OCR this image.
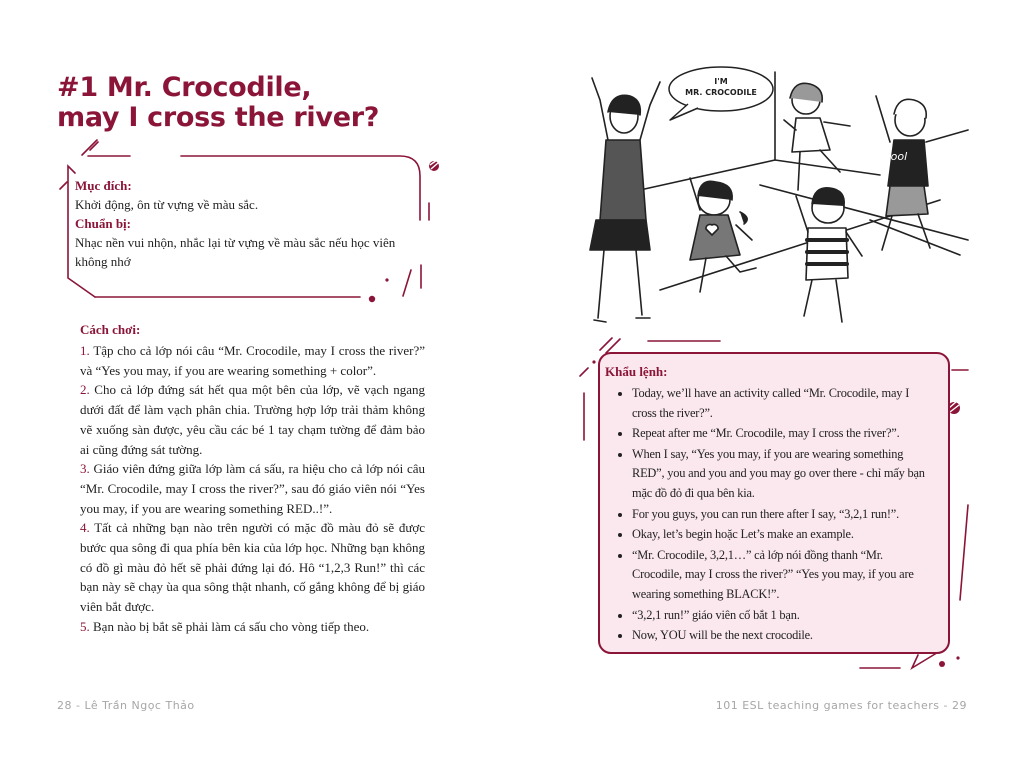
Cool
I'M
MR. CROCODILE
#1 Mr. Crocodile,
may I cross the river?
Mục đích:
Khởi động, ôn từ vựng về màu sắc.
Chuẩn bị:
Nhạc nền vui nhộn, nhắc lại từ vựng về màu sắc nếu học viên không nhớ
Cách chơi:
1. Tập cho cả lớp nói câu “Mr. Crocodile, may I cross the river?” và “Yes you may, if you are wearing something + color”.
2. Cho cả lớp đứng sát hết qua một bên của lớp, vẽ vạch ngang dưới đất để làm vạch phân chia. Trường hợp lớp trải thảm không vẽ xuống sàn được, yêu cầu các bé 1 tay chạm tường để đảm bảo ai cũng đứng sát tường.
3. Giáo viên đứng giữa lớp làm cá sấu, ra hiệu cho cả lớp nói câu “Mr. Crocodile, may I cross the river?”, sau đó giáo viên nói “Yes you may, if you are wearing something RED..!”.
4. Tất cả những bạn nào trên người có mặc đồ màu đỏ sẽ được bước qua sông đi qua phía bên kia của lớp học. Những bạn không có đồ gì màu đỏ hết sẽ phải đứng lại đó. Hô “1,2,3 Run!” thì các bạn này sẽ chạy ùa qua sông thật nhanh, cố gắng không để bị giáo viên bắt được.
5. Bạn nào bị bắt sẽ phải làm cá sấu cho vòng tiếp theo.
Khẩu lệnh:
• Today, we’ll have an activity called “Mr. Crocodile, may I cross the river?”.
• Repeat after me “Mr. Crocodile, may I cross the river?”.
• When I say, “Yes you may, if you are wearing something RED”, you and you and you may go over there - chỉ mấy bạn mặc đồ đỏ đi qua bên kia.
• For you guys, you can run there after I say, “3,2,1 run!”.
• Okay, let’s begin hoặc Let’s make an example.
• “Mr. Crocodile, 3,2,1…” cả lớp nói đồng thanh “Mr. Crocodile, may I cross the river?” “Yes you may, if you are wearing something BLACK!”.
• “3,2,1 run!” giáo viên cố bắt 1 bạn.
• Now, YOU will be the next crocodile.
28 - Lê Trần Ngọc Thảo	101 ESL teaching games for teachers - 29
